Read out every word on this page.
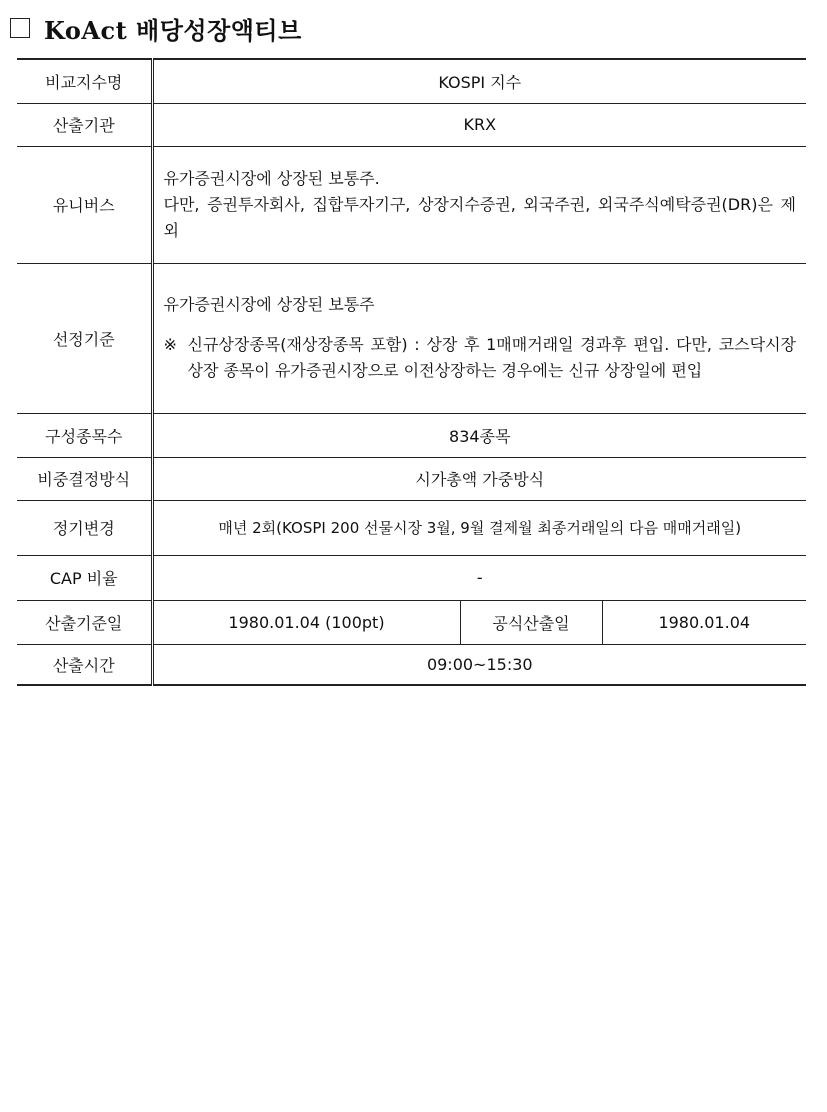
KoAct 배당성장액티브
비교지수명	KOSPI 지수		
산출기관	KRX		
유니버스	유가증권시장에 상장된 보통주.
다만, 증권투자회사, 집합투자기구, 상장지수증권, 외국주권, 외국주식예탁증권(DR)은 제외		

선정기준	유가증권시장에 상장된 보통주
※ 신규상장종목(재상장종목 포함) : 상장 후 1매매거래일 경과후 편입. 다만, 코스닥시장 상장 종목이 유가증권시장으로 이전상장하는 경우에는 신규 상장일에 편입		

구성종목수	834종목		
비중결정방식	시가총액 가중방식		
정기변경	매년 2회(KOSPI 200 선물시장 3월, 9월 결제월 최종거래일의 다음 매매거래일)		
CAP 비율	-		
산출기준일	1980.01.04 (100pt)	공식산출일	1980.01.04
산출시간	09:00~15:30		
